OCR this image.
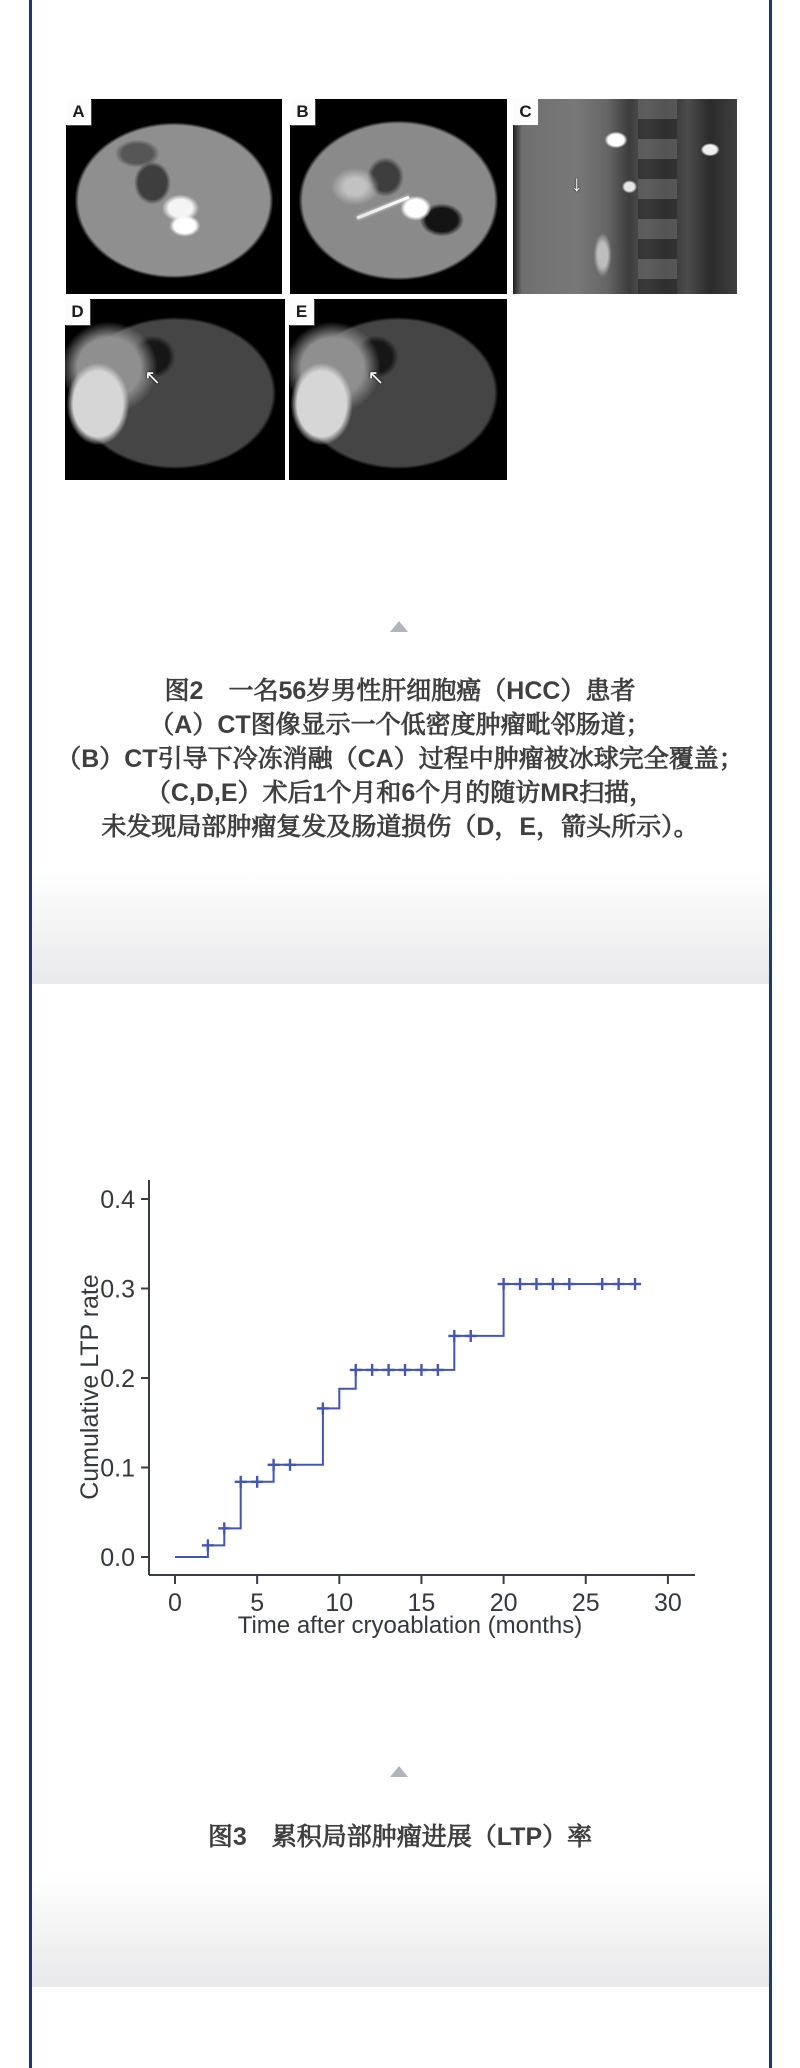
A	B	C
↓
D
↖
E
↖
图2　一名56岁男性肝细胞癌（HCC）患者
（A）CT图像显示一个低密度肿瘤毗邻肠道；
（B）CT引导下冷冻消融（CA）过程中肿瘤被冰球完全覆盖；
（C,D,E）术后1个月和6个月的随访MR扫描，
未发现局部肿瘤复发及肠道损伤（D，E，箭头所示）。
0.0
0.1
0.2
0.3
0.4
0	5 10 15 20 25 30
Time after cryoablation (months)
Cumulative LTP rate
图3　累积局部肿瘤进展（LTP）率
